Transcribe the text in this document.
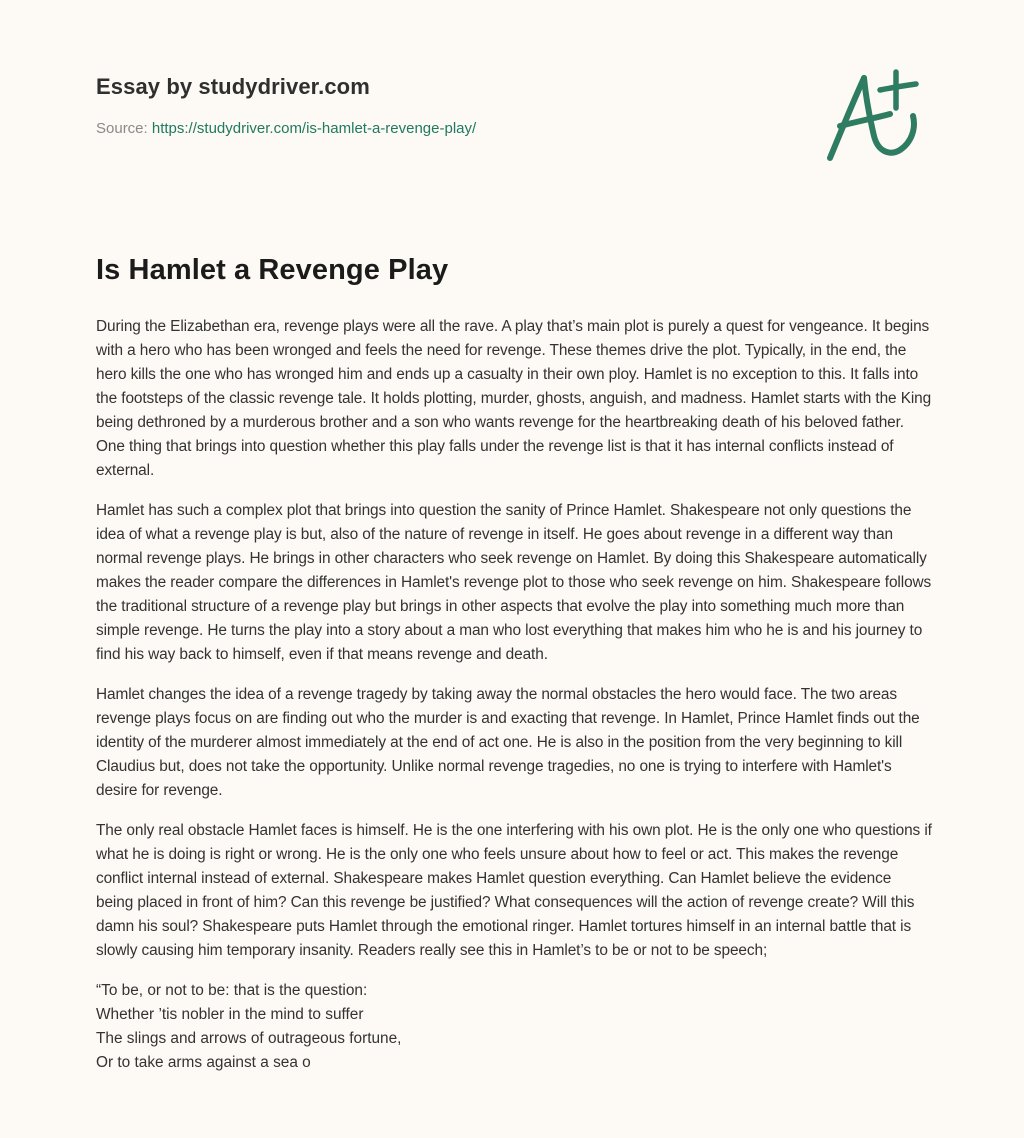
Essay by studydriver.com
Source: https://studydriver.com/is-hamlet-a-revenge-play/
Is Hamlet a Revenge Play

During the Elizabethan era, revenge plays were all the rave. A play that’s main plot is purely a quest for vengeance. It begins with a hero who has been wronged and feels the need for revenge. These themes drive the plot. Typically, in the end, the hero kills the one who has wronged him and ends up a casualty in their own ploy. Hamlet is no exception to this. It falls into the footsteps of the classic revenge tale. It holds plotting, murder, ghosts, anguish, and madness. Hamlet starts with the King being dethroned by a murderous brother and a son who wants revenge for the heartbreaking death of his beloved father. One thing that brings into question whether this play falls under the revenge list is that it has internal conflicts instead of external.

Hamlet has such a complex plot that brings into question the sanity of Prince Hamlet. Shakespeare not only questions the idea of what a revenge play is but, also of the nature of revenge in itself. He goes about revenge in a different way than normal revenge plays. He brings in other characters who seek revenge on Hamlet. By doing this Shakespeare automatically makes the reader compare the differences in Hamlet's revenge plot to those who seek revenge on him. Shakespeare follows the traditional structure of a revenge play but brings in other aspects that evolve the play into something much more than simple revenge. He turns the play into a story about a man who lost everything that makes him who he is and his journey to find his way back to himself, even if that means revenge and death.

Hamlet changes the idea of a revenge tragedy by taking away the normal obstacles the hero would face. The two areas revenge plays focus on are finding out who the murder is and exacting that revenge. In Hamlet, Prince Hamlet finds out the identity of the murderer almost immediately at the end of act one. He is also in the position from the very beginning to kill Claudius but, does not take the opportunity. Unlike normal revenge tragedies, no one is trying to interfere with Hamlet's desire for revenge.

The only real obstacle Hamlet faces is himself. He is the one interfering with his own plot. He is the only one who questions if what he is doing is right or wrong. He is the only one who feels unsure about how to feel or act. This makes the revenge conflict internal instead of external. Shakespeare makes Hamlet question everything. Can Hamlet believe the evidence being placed in front of him? Can this revenge be justified? What consequences will the action of revenge create? Will this damn his soul? Shakespeare puts Hamlet through the emotional ringer. Hamlet tortures himself in an internal battle that is slowly causing him temporary insanity. Readers really see this in Hamlet’s to be or not to be speech;

“To be, or not to be: that is the question:
Whether ’tis nobler in the mind to suffer
The slings and arrows of outrageous fortune,
Or to take arms against a sea o
